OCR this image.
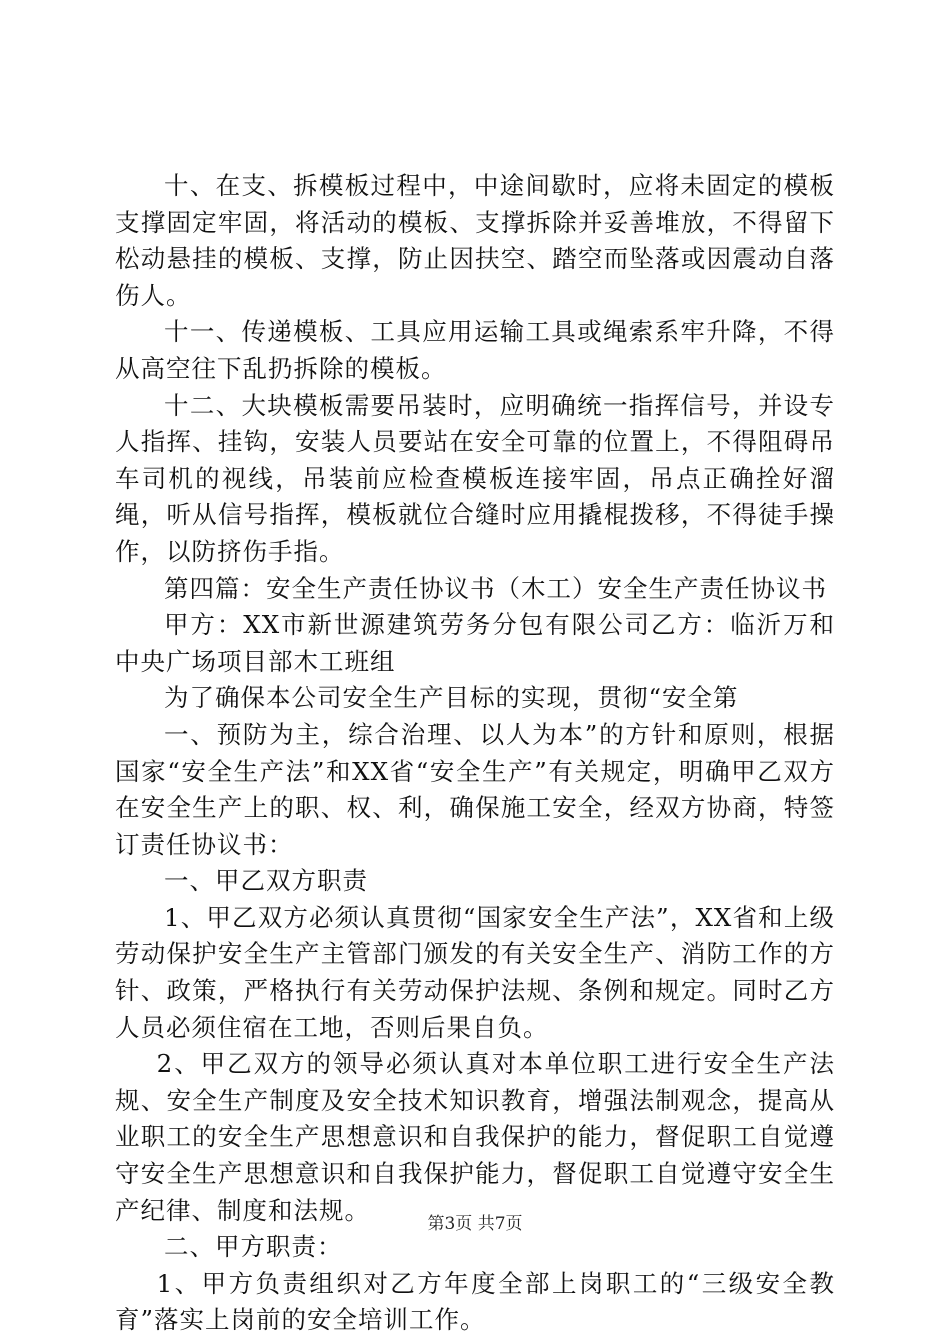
十、在支、拆模板过程中，中途间歇时，应将未固定的模板支撑固定牢固，将活动的模板、支撑拆除并妥善堆放，不得留下松动悬挂的模板、支撑，防止因扶空、踏空而坠落或因震动自落伤人。

十一、传递模板、工具应用运输工具或绳索系牢升降，不得从高空往下乱扔拆除的模板。

十二、大块模板需要吊装时，应明确统一指挥信号，并设专人指挥、挂钩，安装人员要站在安全可靠的位置上，不得阻碍吊车司机的视线，吊装前应检查模板连接牢固，吊点正确拴好溜绳，听从信号指挥，模板就位合缝时应用撬棍拨移，不得徒手操作，以防挤伤手指。

第四篇：安全生产责任协议书（木工）安全生产责任协议书

甲方：XX市新世源建筑劳务分包有限公司乙方：临沂万和中央广场项目部木工班组

为了确保本公司安全生产目标的实现，贯彻“安全第

一、预防为主，综合治理、以人为本”的方针和原则，根据国家“安全生产法”和XX省“安全生产”有关规定，明确甲乙双方在安全生产上的职、权、利，确保施工安全，经双方协商，特签订责任协议书：

一、甲乙双方职责

1、甲乙双方必须认真贯彻“国家安全生产法”，XX省和上级劳动保护安全生产主管部门颁发的有关安全生产、消防工作的方针、政策，严格执行有关劳动保护法规、条例和规定。同时乙方人员必须住宿在工地，否则后果自负。

2、甲乙双方的领导必须认真对本单位职工进行安全生产法规、安全生产制度及安全技术知识教育，增强法制观念，提高从业职工的安全生产思想意识和自我保护的能力，督促职工自觉遵守安全生产思想意识和自我保护能力，督促职工自觉遵守安全生产纪律、制度和法规。

二、甲方职责：

1、甲方负责组织对乙方年度全部上岗职工的“三级安全教育”落实上岗前的安全培训工作。

第3页 共7页
